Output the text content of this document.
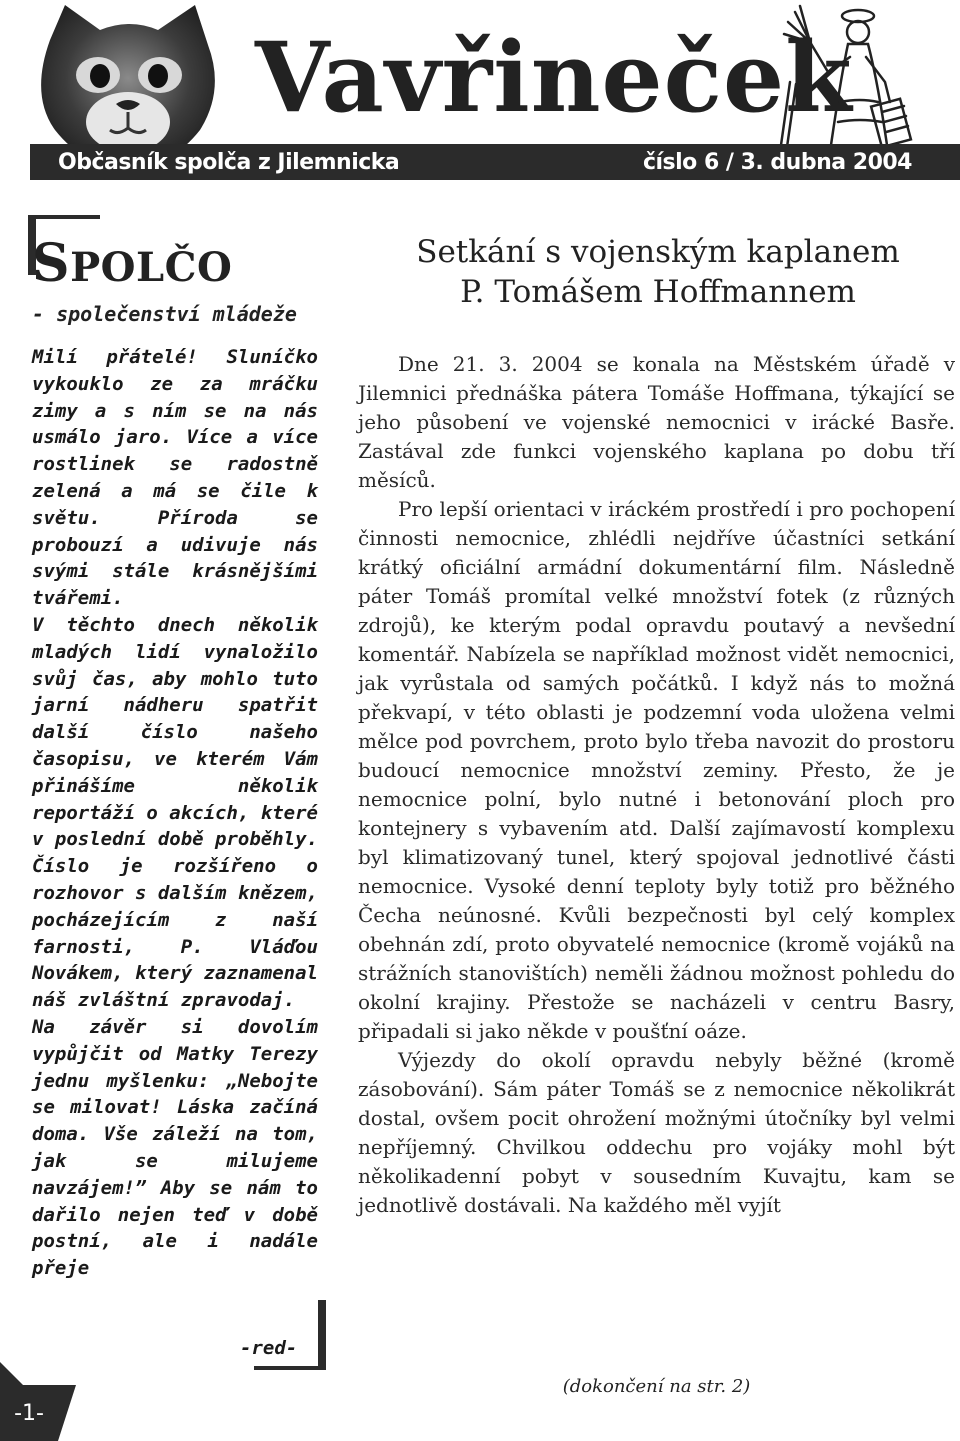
Vavřineček
Občasník spolča z Jilemnicka	číslo 6 / 3. dubna 2004
SPOLČO
- společenství mládeže

Milí přátelé! Sluníčko vykouklo ze za mráčku zimy a s ním se na nás usmálo jaro. Více a více rostlinek se radostně zelená a má se čile k světu. Příroda se probouzí a udivuje nás svými stále krásnějšími tvářemi.

V těchto dnech několik mladých lidí vynaložilo svůj čas, aby mohlo tuto jarní nádheru spatřit další číslo našeho časopisu, ve kterém Vám přinášíme několik reportáží o akcích, které v poslední době proběhly. Číslo je rozšířeno o rozhovor s dalším knězem, pocházejícím z naší farnosti, P. Vláďou Novákem, který zaznamenal náš zvláštní zpravodaj.

Na závěr si dovolím vypůjčit od Matky Terezy jednu myšlenku: „Nebojte se milovat! Láska začíná doma. Vše záleží na tom, jak se milujeme navzájem!” Aby se nám to dařilo nejen teď v době postní, ale i nadále přeje

-red-
Setkání s vojenským kaplanem
P. Tomášem Hoffmannem

Dne 21. 3. 2004 se konala na Městském úřadě v Jilemnici přednáška pátera Tomáše Hoffmana, týkající se jeho působení ve vojenské nemocnici v irácké Basře. Zastával zde funkci vojenského kaplana po dobu tří měsíců.

Pro lepší orientaci v iráckém prostředí i pro pochopení činnosti nemocnice, zhlédli nejdříve účastníci setkání krátký oficiální armádní dokumentární film. Následně páter Tomáš promítal velké množství fotek (z různých zdrojů), ke kterým podal opravdu poutavý a nevšední komentář. Nabízela se například možnost vidět nemocnici, jak vyrůstala od samých počátků. I když nás to možná překvapí, v této oblasti je podzemní voda uložena velmi mělce pod povrchem, proto bylo třeba navozit do prostoru budoucí nemocnice množství zeminy. Přesto, že je nemocnice polní, bylo nutné i betonování ploch pro kontejnery s vybavením atd. Další zajímavostí komplexu byl klimatizovaný tunel, který spojoval jednotlivé části nemocnice. Vysoké denní teploty byly totiž pro běžného Čecha neúnosné. Kvůli bezpečnosti byl celý komplex obehnán zdí, proto obyvatelé nemocnice (kromě vojáků na strážních stanovištích) neměli žádnou možnost pohledu do okolní krajiny. Přestože se nacházeli v centru Basry, připadali si jako někde v poušťní oáze.

Výjezdy do okolí opravdu nebyly běžné (kromě zásobování). Sám páter Tomáš se z nemocnice několikrát dostal, ovšem pocit ohrožení možnými útočníky byl velmi nepříjemný. Chvilkou oddechu pro vojáky mohl být několikadenní pobyt v sousedním Kuvajtu, kam se jednotlivě dostávali. Na každého měl vyjít

(dokončení na str. 2)
-1-
